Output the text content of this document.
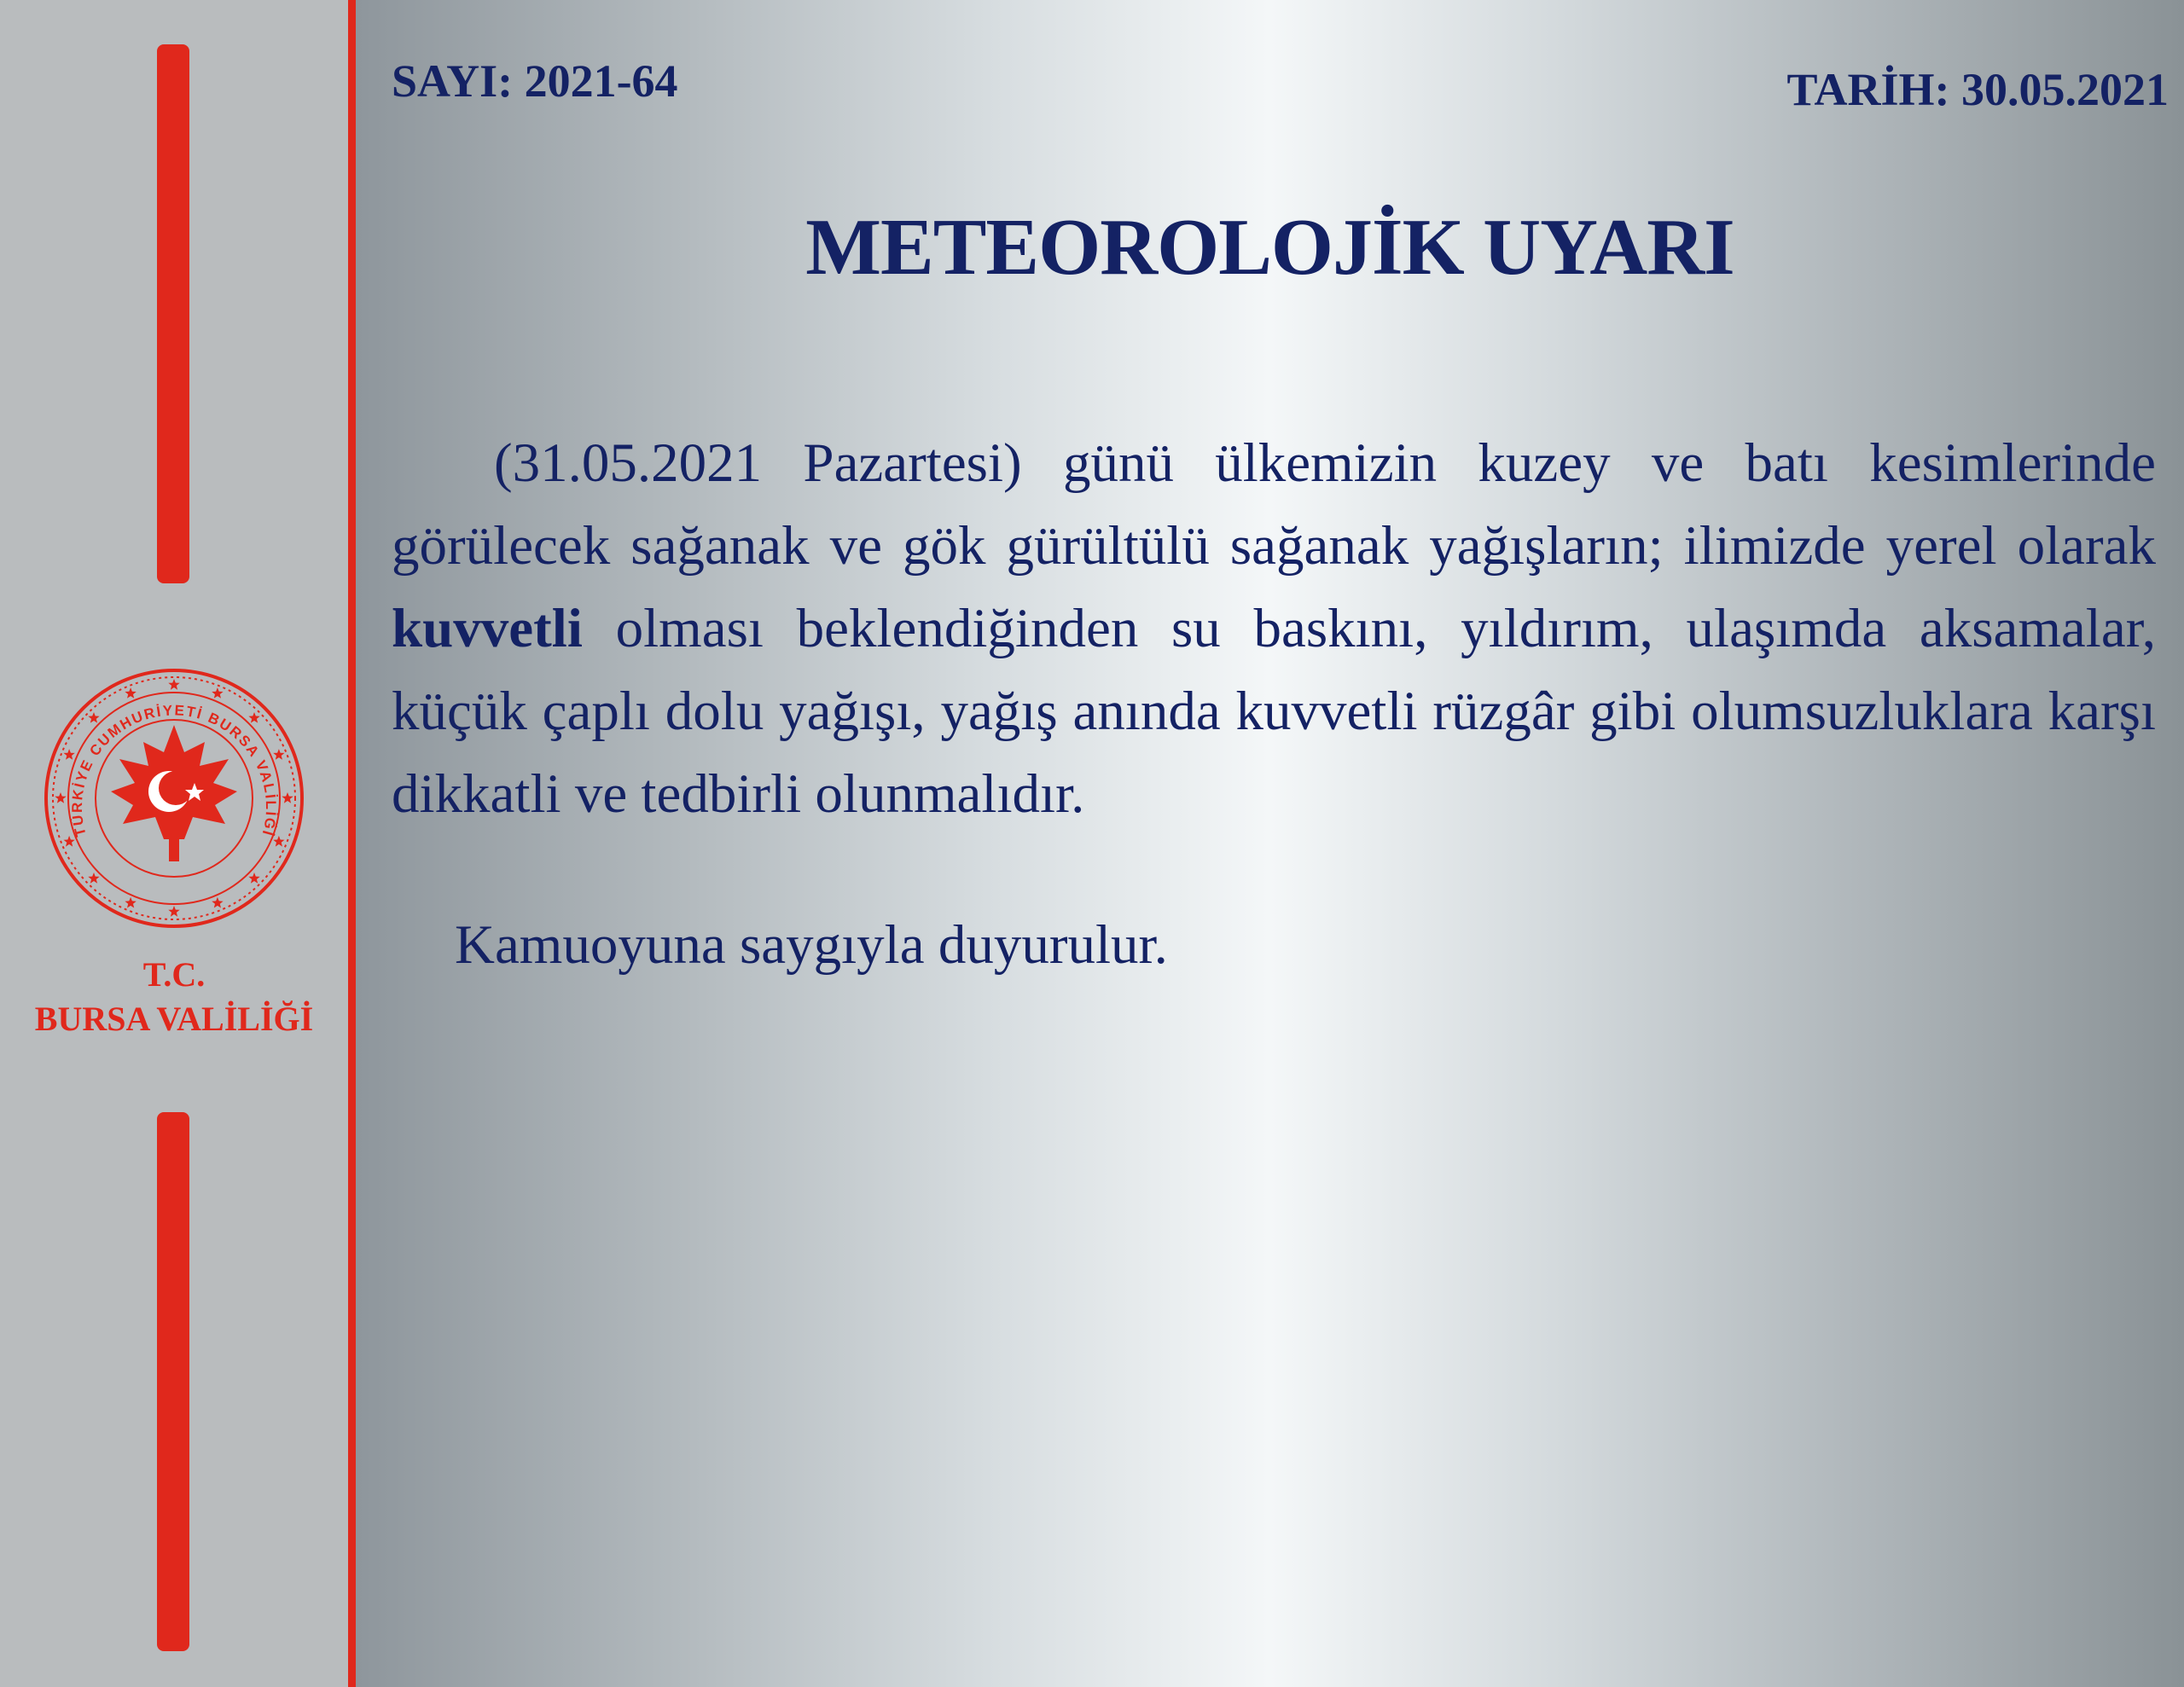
TÜRKİYE CUMHURİYETİ BURSA VALİLİĞİ
T.C.
BURSA VALİLİĞİ
SAYI: 2021-64	TARİH: 30.05.2021
METEOROLOJİK UYARI

(31.05.2021 Pazartesi) günü ülkemizin kuzey ve batı kesimlerinde görülecek sağanak ve gök gürültülü sağanak yağışların; ilimizde yerel olarak kuvvetli olması beklendiğinden su baskını, yıldırım, ulaşımda aksamalar, küçük çaplı dolu yağışı, yağış anında kuvvetli rüzgâr gibi olumsuzluklara karşı dikkatli ve tedbirli olunmalıdır.

Kamuoyuna saygıyla duyurulur.
